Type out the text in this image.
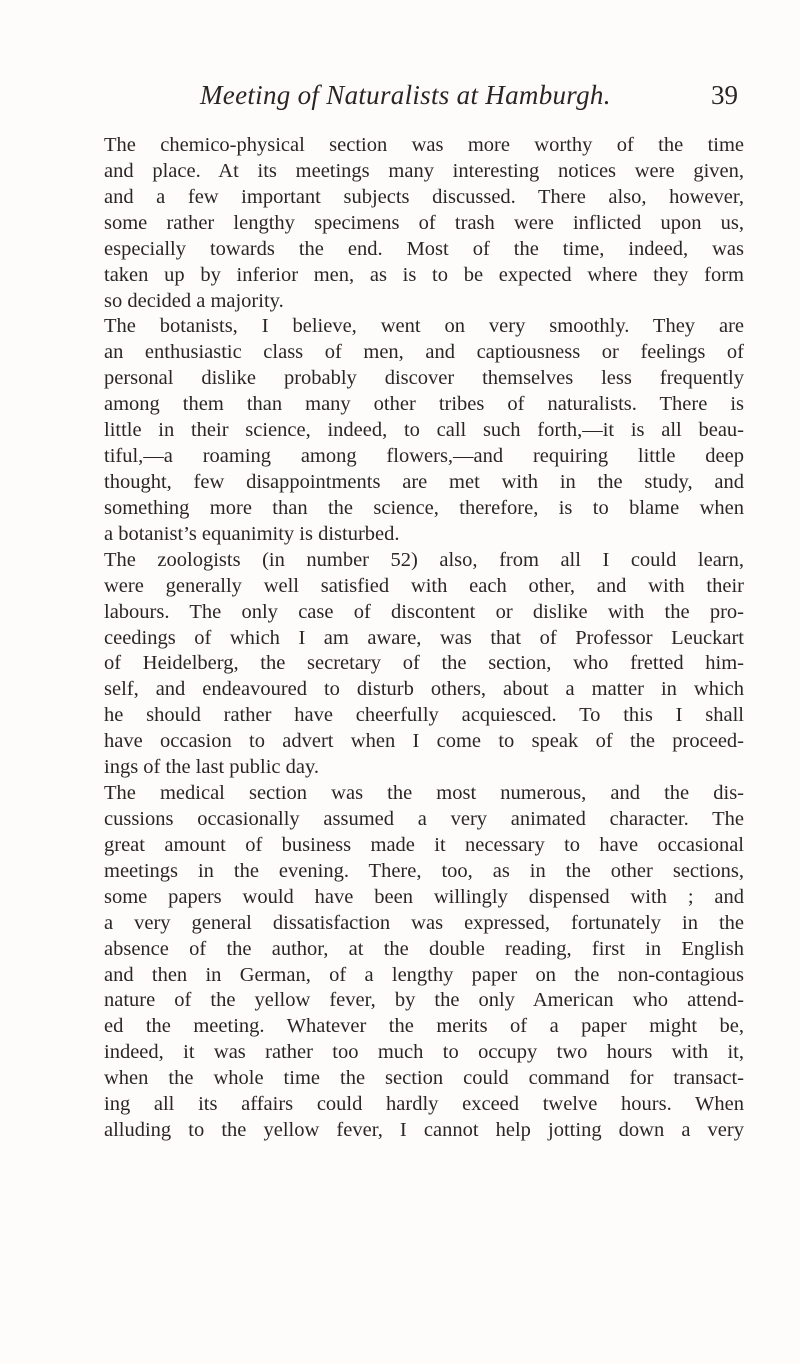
Meeting of Naturalists at Hamburgh.	39
The chemico-physical section was more worthy of the time
and place. At its meetings many interesting notices were given,
and a few important subjects discussed. There also, however,
some rather lengthy specimens of trash were inflicted upon us,
especially towards the end. Most of the time, indeed, was
taken up by inferior men, as is to be expected where they form
so decided a majority.
The botanists, I believe, went on very smoothly. They are
an enthusiastic class of men, and captiousness or feelings of
personal dislike probably discover themselves less frequently
among them than many other tribes of naturalists. There is
little in their science, indeed, to call such forth,—it is all beau-
tiful,—a roaming among flowers,—and requiring little deep
thought, few disappointments are met with in the study, and
something more than the science, therefore, is to blame when
a botanist’s equanimity is disturbed.
The zoologists (in number 52) also, from all I could learn,
were generally well satisfied with each other, and with their
labours. The only case of discontent or dislike with the pro-
ceedings of which I am aware, was that of Professor Leuckart
of Heidelberg, the secretary of the section, who fretted him-
self, and endeavoured to disturb others, about a matter in which
he should rather have cheerfully acquiesced. To this I shall
have occasion to advert when I come to speak of the proceed-
ings of the last public day.
The medical section was the most numerous, and the dis-
cussions occasionally assumed a very animated character. The
great amount of business made it necessary to have occasional
meetings in the evening. There, too, as in the other sections,
some papers would have been willingly dispensed with ; and
a very general dissatisfaction was expressed, fortunately in the
absence of the author, at the double reading, first in English
and then in German, of a lengthy paper on the non-contagious
nature of the yellow fever, by the only American who attend-
ed the meeting. Whatever the merits of a paper might be,
indeed, it was rather too much to occupy two hours with it,
when the whole time the section could command for transact-
ing all its affairs could hardly exceed twelve hours. When
alluding to the yellow fever, I cannot help jotting down a very
